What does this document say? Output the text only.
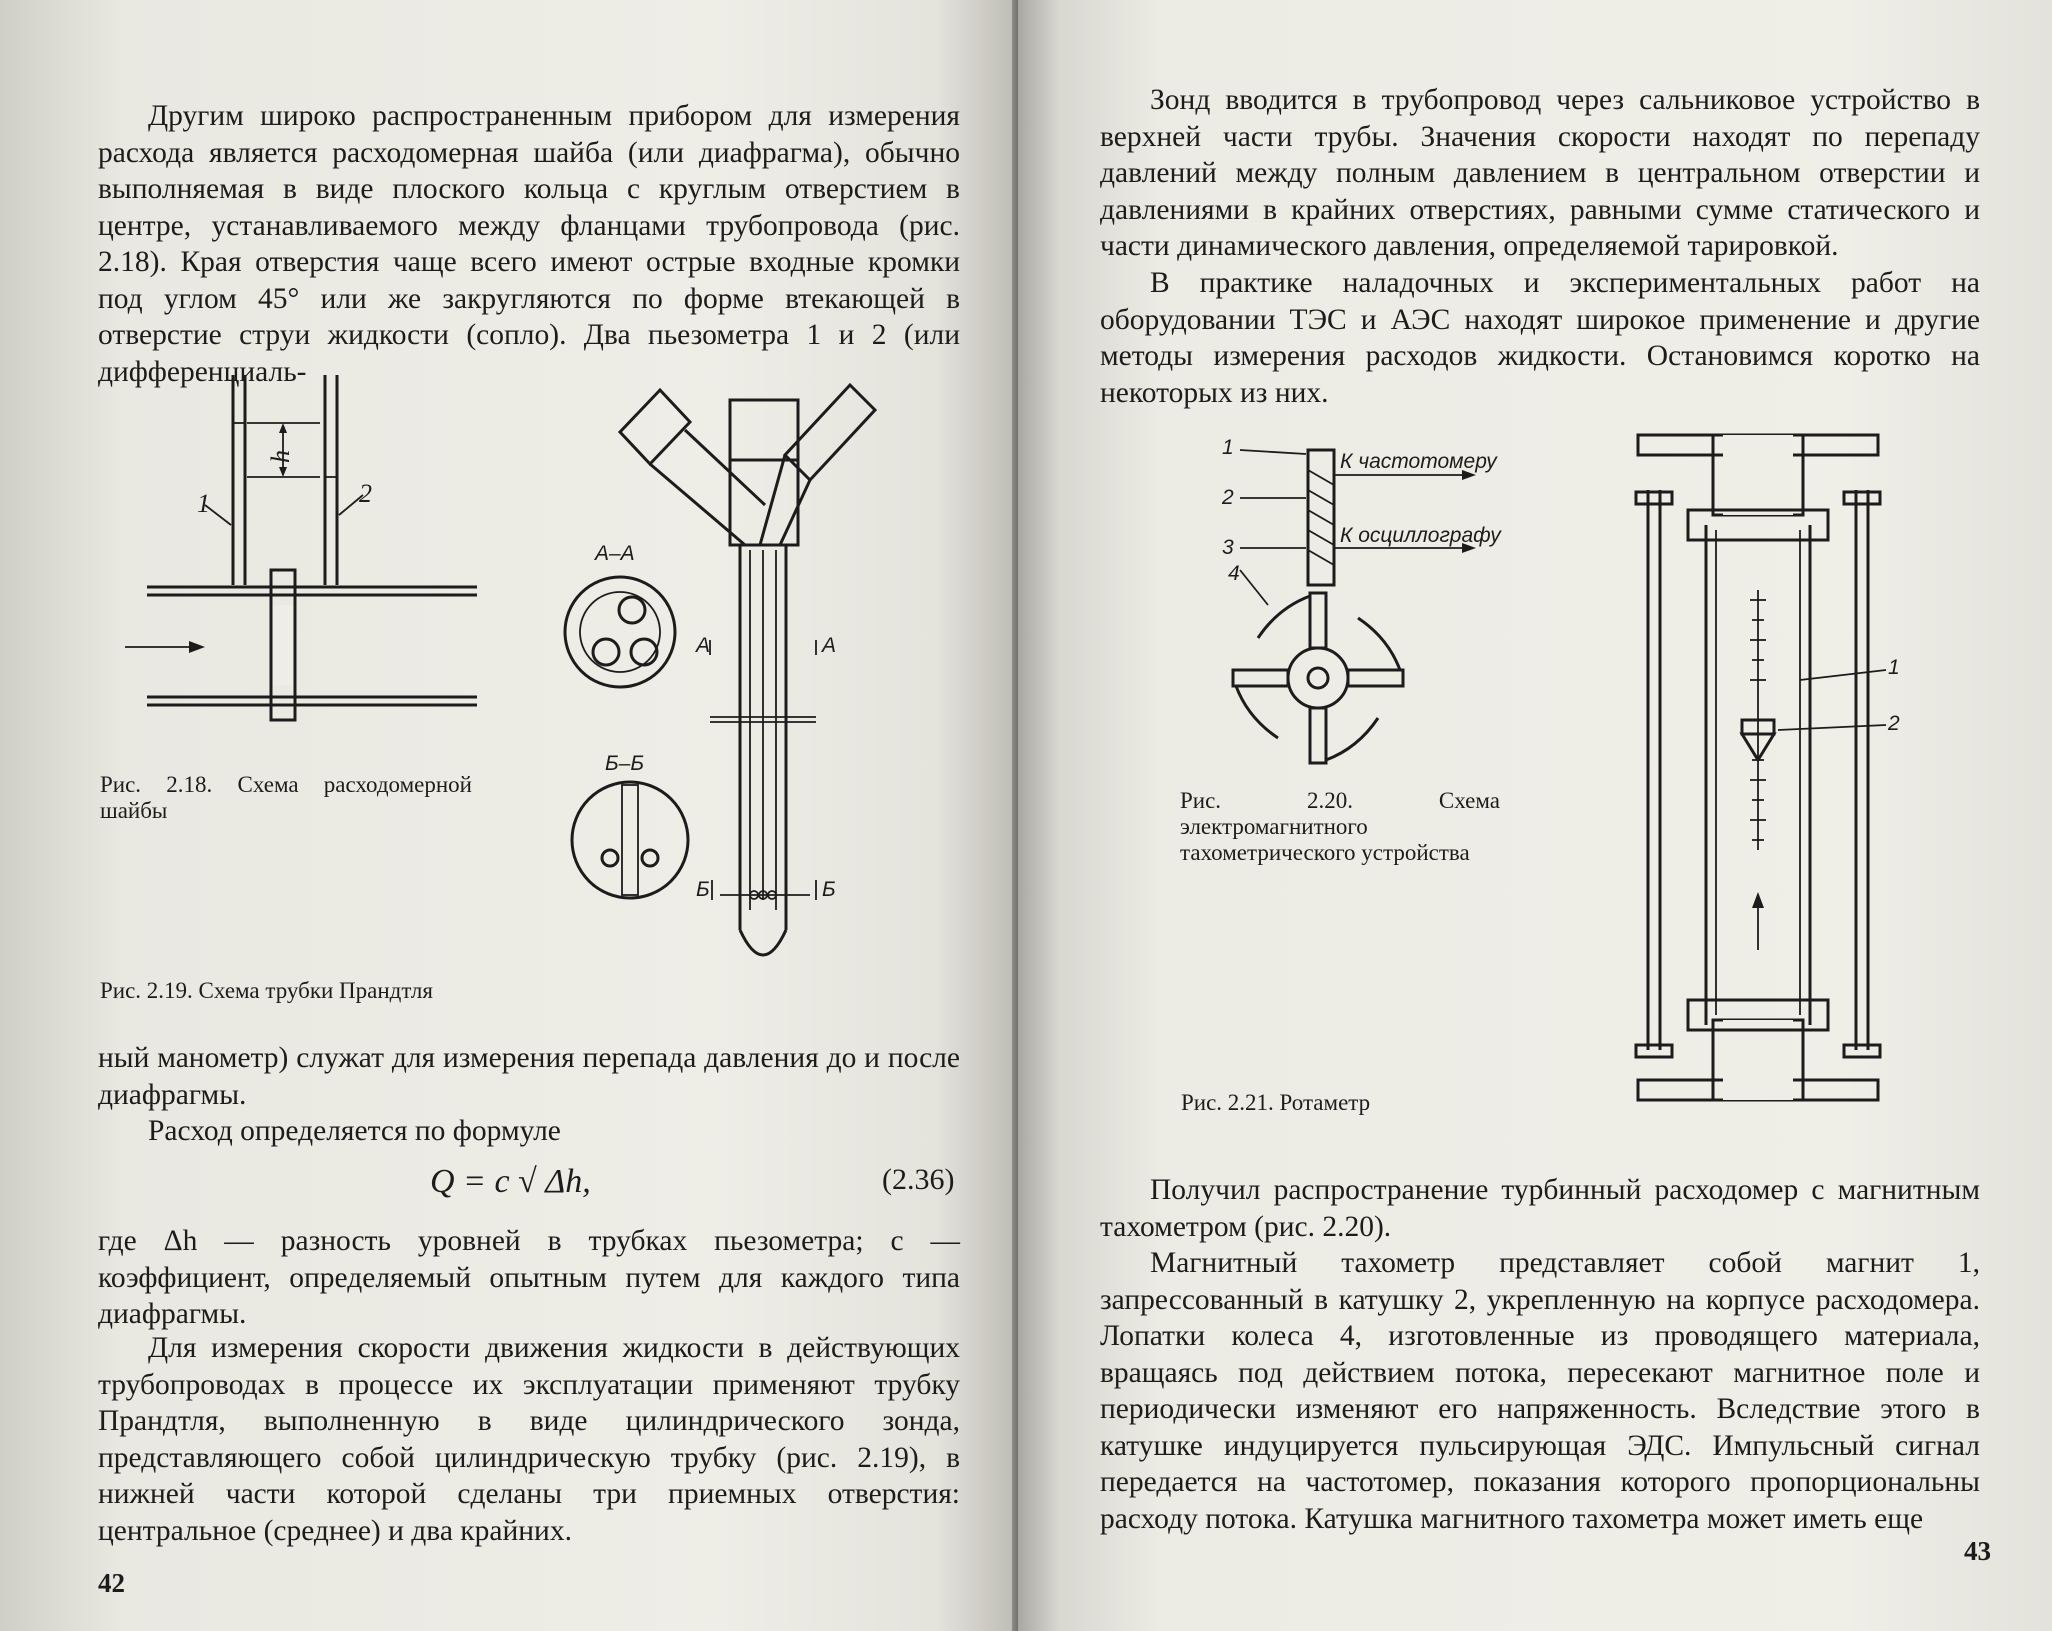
Другим широко распространенным прибором для измерения расхода является расходомерная шайба (или диафрагма), обычно выполняемая в виде плоского кольца с круглым отверстием в центре, устанавливаемого между фланцами трубопровода (рис. 2.18). Края отверстия чаще всего имеют острые входные кромки под углом 45° или же закругляются по форме втекающей в отверстие струи жидкости (сопло). Два пьезометра 1 и 2 (или дифференциаль-
h
1	2
Рис. 2.18. Схема расходомерной шайбы
А	А
Б	Б
А–А
Б–Б
Рис. 2.19. Схема трубки Прандтля
ный манометр) служат для измерения перепада давления до и после диафрагмы.
Расход определяется по формуле
Q = c √ Δh,	(2.36)
где Δh — разность уровней в трубках пьезометра; c — коэффициент, определяемый опытным путем для каждого типа диафрагмы.
Для измерения скорости движения жидкости в действующих трубопроводах в процессе их эксплуатации применяют трубку Прандтля, выполненную в виде цилиндрического зонда, представляющего собой цилиндрическую трубку (рис. 2.19), в нижней части которой сделаны три приемных отверстия: центральное (среднее) и два крайних.
42
Зонд вводится в трубопровод через сальниковое устройство в верхней части трубы. Значения скорости находят по перепаду давлений между полным давлением в центральном отверстии и давлениями в крайних отверстиях, равными сумме статического и части динамического давления, определяемой тарировкой.
В практике наладочных и экспериментальных работ на оборудовании ТЭС и АЭС находят широкое применение и другие методы измерения расходов жидкости. Остановимся коротко на некоторых из них.
К частотомеру
К осциллографу
1
2
3
4
Рис. 2.20. Схема электромагнитного тахометрического устройства
1
2
Рис. 2.21. Ротаметр
Получил распространение турбинный расходомер с магнитным тахометром (рис. 2.20).
Магнитный тахометр представляет собой магнит 1, запрессованный в катушку 2, укрепленную на корпусе расходомера. Лопатки колеса 4, изготовленные из проводящего материала, вращаясь под действием потока, пересекают магнитное поле и периодически изменяют его напряженность. Вследствие этого в катушке индуцируется пульсирующая ЭДС. Импульсный сигнал передается на частотомер, показания которого пропорциональны расходу потока. Катушка магнитного тахометра может иметь еще
43
